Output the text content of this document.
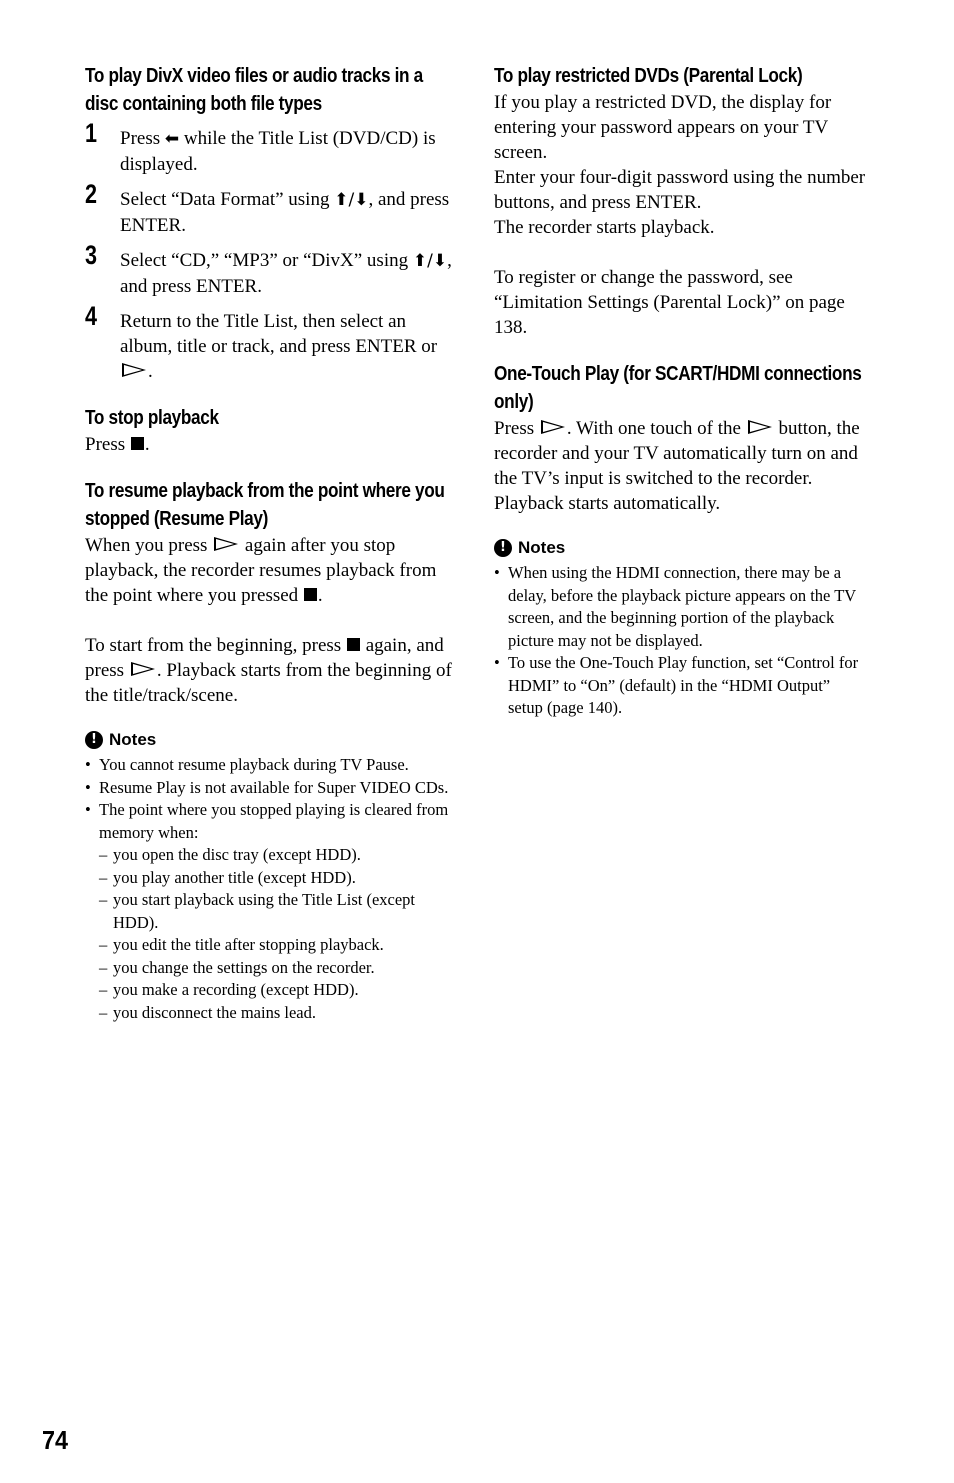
To play DivX video files or audio tracks in a disc containing both file types

1 Press ⬅ while the Title List (DVD/CD) is displayed.
2 Select “Data Format” using ⬆/⬇, and press ENTER.
3 Select “CD,” “MP3” or “DivX” using ⬆/⬇, and press ENTER.
4 Return to the Title List, then select an album, title or track, and press ENTER or .

To stop playback

Press .

To resume playback from the point where you stopped (Resume Play)

When you press again after you stop playback, the recorder resumes playback from the point where you pressed .

To start from the beginning, press again, and press . Playback starts from the beginning of the title/track/scene.

! Notes
• You cannot resume playback during TV Pause.
• Resume Play is not available for Super VIDEO CDs.
• The point where you stopped playing is cleared from memory when:
– you open the disc tray (except HDD).
– you play another title (except HDD).
– you start playback using the Title List (except HDD).
– you edit the title after stopping playback.
– you change the settings on the recorder.
– you make a recording (except HDD).
– you disconnect the mains lead.

To play restricted DVDs (Parental Lock)

If you play a restricted DVD, the display for entering your password appears on your TV screen.

Enter your four-digit password using the number buttons, and press ENTER.

The recorder starts playback.

To register or change the password, see “Limitation Settings (Parental Lock)” on page 138.

One-Touch Play (for SCART/HDMI connections only)

Press . With one touch of the button, the recorder and your TV automatically turn on and the TV’s input is switched to the recorder. Playback starts automatically.

! Notes
• When using the HDMI connection, there may be a delay, before the playback picture appears on the TV screen, and the beginning portion of the playback picture may not be displayed.
• To use the One-Touch Play function, set “Control for HDMI” to “On” (default) in the “HDMI Output” setup (page 140).
74
